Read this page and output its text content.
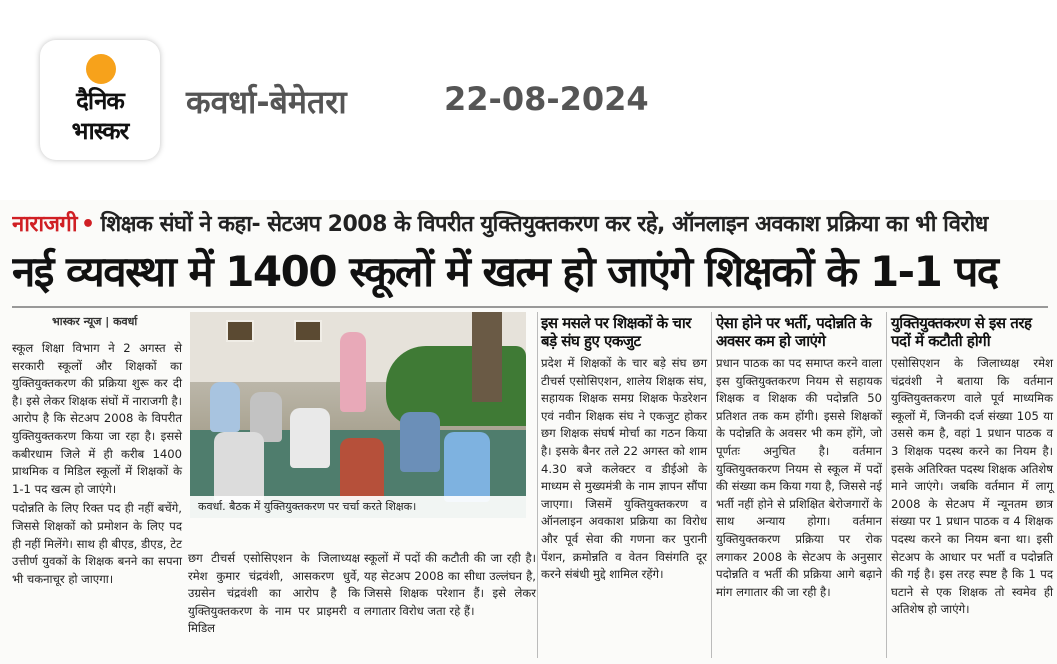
दैनिक
भास्कर
कवर्धा-बेमेतरा	22-08-2024
नाराजगी • शिक्षक संघों ने कहा- सेटअप 2008 के विपरीत युक्तियुक्तकरण कर रहे, ऑनलाइन अवकाश प्रक्रिया का भी विरोध
नई व्यवस्था में 1400 स्कूलों में खत्म हो जाएंगे शिक्षकों के 1-1 पद
भास्कर न्यूज | कवर्धा

स्कूल शिक्षा विभाग ने 2 अगस्त से सरकारी स्कूलों और शिक्षकों का युक्तियुक्तकरण की प्रक्रिया शुरू कर दी है। इसे लेकर शिक्षक संघों में नाराजगी है। आरोप है कि सेटअप 2008 के विपरीत युक्तियुक्तकरण किया जा रहा है। इससे कबीरधाम जिले में ही करीब 1400 प्राथमिक व मिडिल स्कूलों में शिक्षकों के 1-1 पद खत्म हो जाएंगे।

पदोन्नति के लिए रिक्त पद ही नहीं बचेंगे, जिससे शिक्षकों को प्रमोशन के लिए पद ही नहीं मिलेंगे। साथ ही बीएड, डीएड, टेट उत्तीर्ण युवकों के शिक्षक बनने का सपना भी चकनाचूर हो जाएगा।

कवर्धा. बैठक में युक्तियुक्तकरण पर चर्चा करते शिक्षक।

छग टीचर्स एसोसिएशन के जिलाध्यक्ष रमेश कुमार चंद्रवंशी, आसकरण धुर्वे, उग्रसेन चंद्रवंशी का आरोप है कि युक्तियुक्तकरण के नाम पर प्राइमरी व मिडिल

स्कूलों में पदों की कटौती की जा रही है। यह सेटअप 2008 का सीधा उल्लंघन है, जिससे शिक्षक परेशान हैं। इसे लेकर लगातार विरोध जता रहे हैं।

इस मसले पर शिक्षकों के चार बड़े संघ हुए एकजुट

प्रदेश में शिक्षकों के चार बड़े संघ छग टीचर्स एसोसिएशन, शालेय शिक्षक संघ, सहायक शिक्षक समग्र शिक्षक फेडरेशन एवं नवीन शिक्षक संघ ने एकजुट होकर छग शिक्षक संघर्ष मोर्चा का गठन किया है। इसके बैनर तले 22 अगस्त को शाम 4.30 बजे कलेक्टर व डीईओ के माध्यम से मुख्यमंत्री के नाम ज्ञापन सौंपा जाएगा। जिसमें युक्तियुक्तकरण व ऑनलाइन अवकाश प्रक्रिया का विरोध और पूर्व सेवा की गणना कर पुरानी पेंशन, क्रमोन्नति व वेतन विसंगति दूर करने संबंधी मुद्दे शामिल रहेंगे।

ऐसा होने पर भर्ती, पदोन्नति के अवसर कम हो जाएंगे

प्रधान पाठक का पद समाप्त करने वाला इस युक्तियुक्तकरण नियम से सहायक शिक्षक व शिक्षक की पदोन्नति 50 प्रतिशत तक कम होंगी। इससे शिक्षकों के पदोन्नति के अवसर भी कम होंगे, जो पूर्णतः अनुचित है। वर्तमान युक्तियुक्तकरण नियम से स्कूल में पदों की संख्या कम किया गया है, जिससे नई भर्ती नहीं होने से प्रशिक्षित बेरोजगारों के साथ अन्याय होगा। वर्तमान युक्तियुक्तकरण प्रक्रिया पर रोक लगाकर 2008 के सेटअप के अनुसार पदोन्नति व भर्ती की प्रक्रिया आगे बढ़ाने मांग लगातार की जा रही है।

युक्तियुक्तकरण से इस तरह पदों में कटौती होगी

एसोसिएशन के जिलाध्यक्ष रमेश चंद्रवंशी ने बताया कि वर्तमान युक्तियुक्तकरण वाले पूर्व माध्यमिक स्कूलों में, जिनकी दर्ज संख्या 105 या उससे कम है, वहां 1 प्रधान पाठक व 3 शिक्षक पदस्थ करने का नियम है। इसके अतिरिक्त पदस्थ शिक्षक अतिशेष माने जाएंगे। जबकि वर्तमान में लागू 2008 के सेटअप में न्यूनतम छात्र संख्या पर 1 प्रधान पाठक व 4 शिक्षक पदस्थ करने का नियम बना था। इसी सेटअप के आधार पर भर्ती व पदोन्नति की गई है। इस तरह स्पष्ट है कि 1 पद घटाने से एक शिक्षक तो स्वमेव ही अतिशेष हो जाएंगे।
